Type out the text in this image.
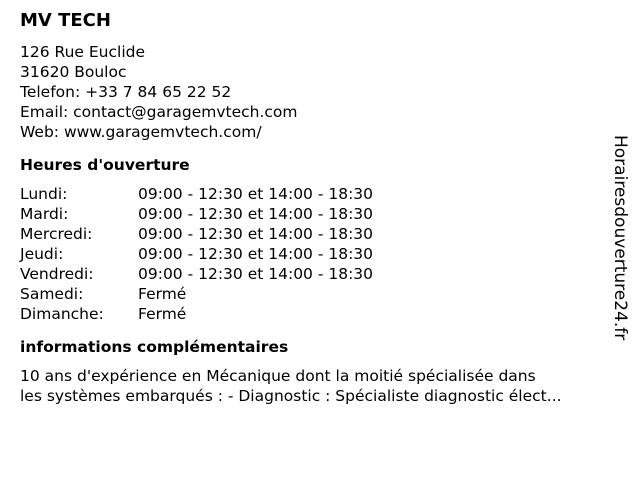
MV TECH
126 Rue Euclide
31620 Bouloc
Telefon: +33 7 84 65 22 52
Email: contact@garagemvtech.com
Web: www.garagemvtech.com/
Heures d'ouverture
Lundi:	09:00 - 12:30 et 14:00 - 18:30
Mardi:	09:00 - 12:30 et 14:00 - 18:30
Mercredi:	09:00 - 12:30 et 14:00 - 18:30
Jeudi:	09:00 - 12:30 et 14:00 - 18:30
Vendredi:	09:00 - 12:30 et 14:00 - 18:30
Samedi:	Fermé
Dimanche:	Fermé
informations complémentaires
10 ans d'expérience en Mécanique dont la moitié spécialisée dans
les systèmes embarqués : - Diagnostic : Spécialiste diagnostic élect...
Horairesdouverture24.fr
